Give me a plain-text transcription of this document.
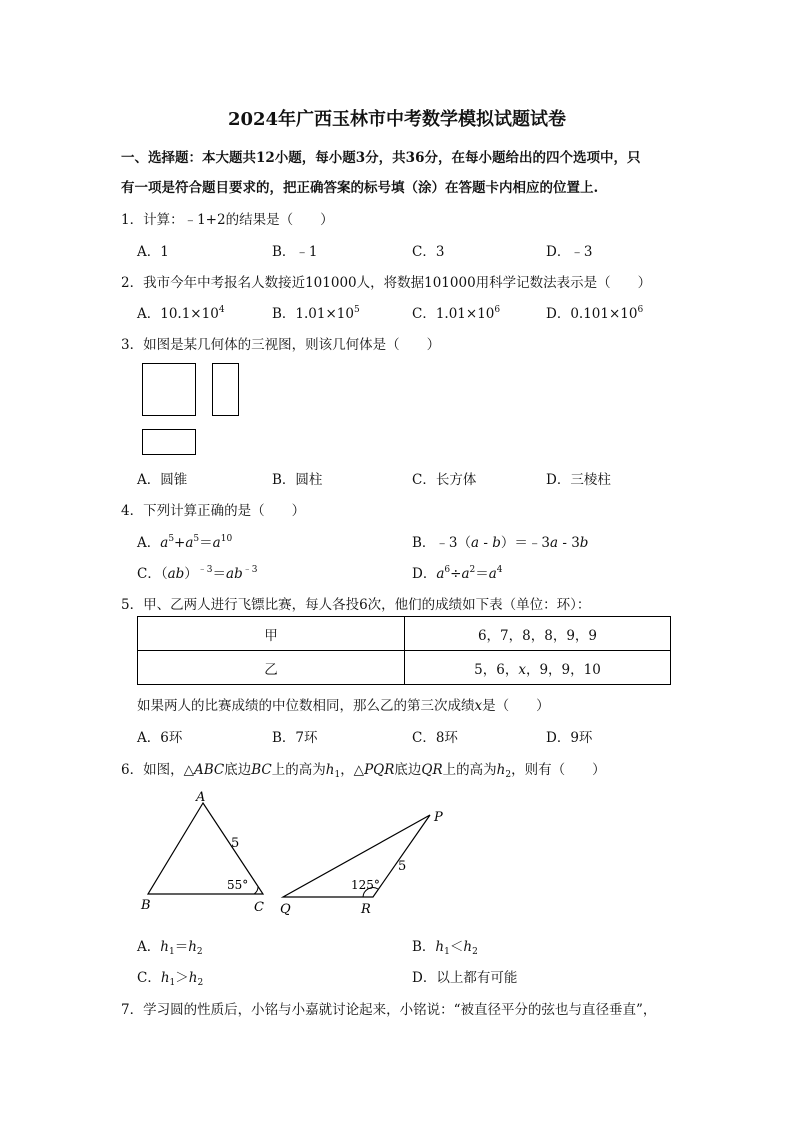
2024年广西玉林市中考数学模拟试题试卷
一、选择题：本大题共12小题，每小题3分，共36分，在每小题给出的四个选项中，只
有一项是符合题目要求的，把正确答案的标号填（涂）在答题卡内相应的位置上.
1．计算：﹣1+2的结果是（　　）
A．1	B．﹣1	C．3	D．﹣3
2．我市今年中考报名人数接近101000人，将数据101000用科学记数法表示是（　　）
A．$10.1\times 10^4$	B．$1.01\times 10^5$	C．$1.01\times 10^6$	D．$0.101\times 10^6$
3．如图是某几何体的三视图，则该几何体是（　　）
A．圆锥	B．圆柱	C．长方体	D．三棱柱
4．下列计算正确的是（　　）
A．$a^5+a^5=a^{10}$	B．﹣3（a - b）＝﹣3a - 3b
C．$(ab)^{﹣3}=ab^{﹣3}$	D．$a^6\div a^2=a^4$
5．甲、乙两人进行飞镖比赛，每人各投6次，他们的成绩如下表（单位：环）：
甲	6，7，8，8，9，9
乙	5，6，x，9，9，10
如果两人的比赛成绩的中位数相同，那么乙的第三次成绩x是（　　）
A．6环	B．7环	C．8环	D．9环
6．如图，△ABC底边BC上的高为$h_1$，△PQR底边QR上的高为$h_2$，则有（　　）
A
B	C
5
55°
P
Q	R
5
125°
A．$h_1=h_2$	B．$h_1<h_2$
C．$h_1>h_2$	D．以上都有可能
7．学习圆的性质后，小铭与小嘉就讨论起来，小铭说：“被直径平分的弦也与直径垂直”，
